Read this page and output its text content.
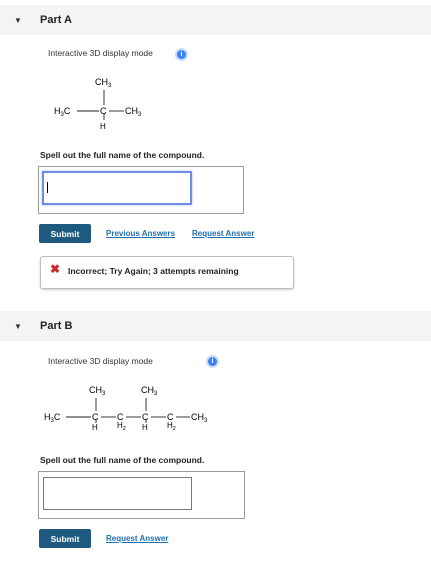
▼ Part A
Interactive 3D display mode	i
$CH_3$
$H_3C$	C $CH_3$
H
Spell out the full name of the compound.
Submit	Previous Answers Request Answer
✖ Incorrect; Try Again; 3 attempts remaining
▼ Part B
Interactive 3D display mode	i
$CH_3$	$CH_3$
$H_3C$	C C C C $CH_3$
H $H_2$ H $H_2$
Spell out the full name of the compound.
Submit	Request Answer
